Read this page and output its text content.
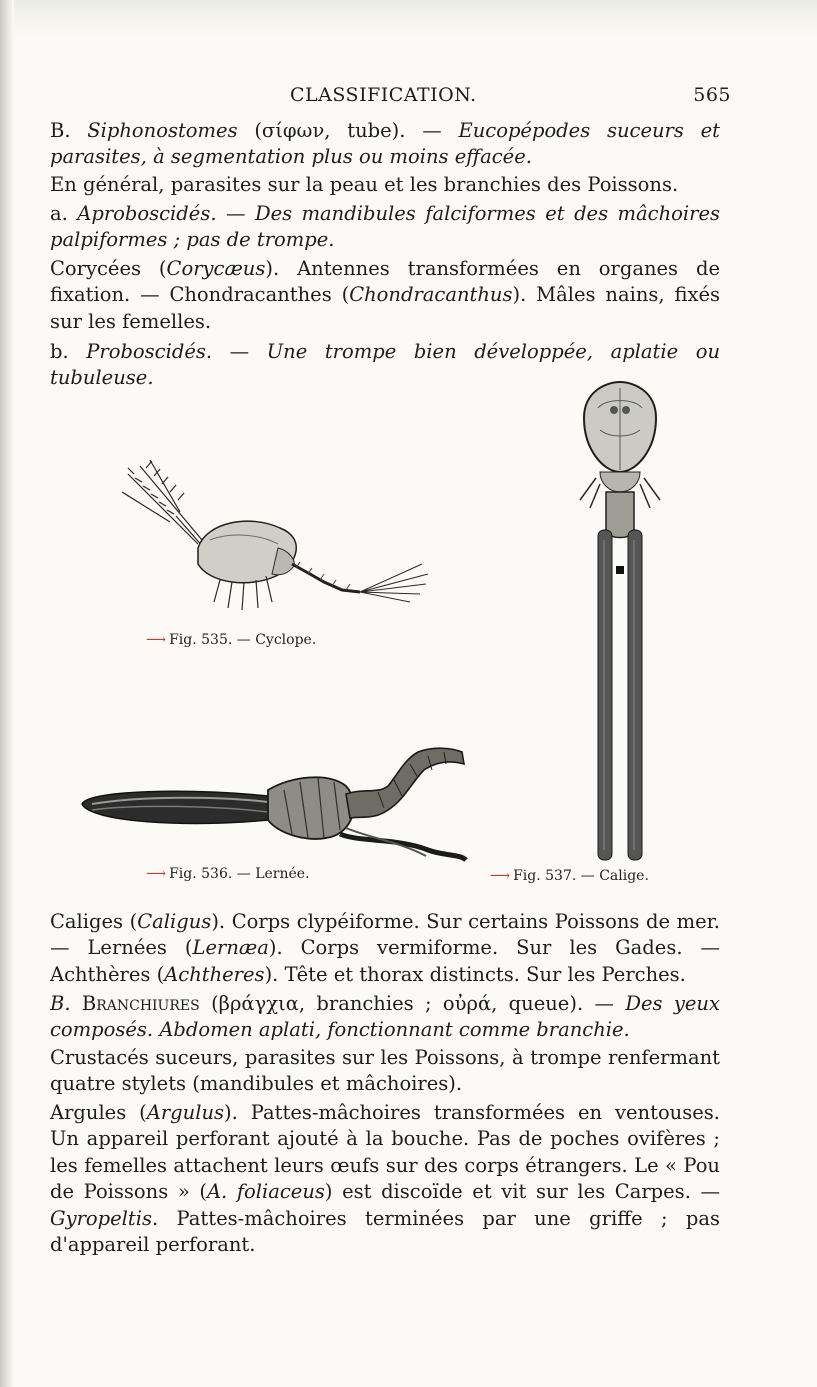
CLASSIFICATION.	565

B. Siphonostomes (σίφων, tube). — Eucopépodes suceurs et parasites, à segmentation plus ou moins effacée.

En général, parasites sur la peau et les branchies des Poissons.

a. Aproboscidés. — Des mandibules falciformes et des mâchoires palpiformes ; pas de trompe.

Corycées (Corycæus). Antennes transformées en organes de fixation. — Chondracanthes (Chondracanthus). Mâles nains, fixés sur les femelles.

b. Proboscidés. — Une trompe bien développée, aplatie ou tubuleuse.

⟶ Fig. 535. — Cyclope.
⟶ Fig. 536. — Lernée.	⟶ Fig. 537. — Calige.

Caliges (Caligus). Corps clypéiforme. Sur certains Poissons de mer. — Lernées (Lernæa). Corps vermiforme. Sur les Gades. — Achthères (Achtheres). Tête et thorax distincts. Sur les Perches.

B. Branchiures (βράγχια, branchies ; οὐρά, queue). — Des yeux composés. Abdomen aplati, fonctionnant comme branchie.

Crustacés suceurs, parasites sur les Poissons, à trompe renfermant quatre stylets (mandibules et mâchoires).

Argules (Argulus). Pattes-mâchoires transformées en ventouses. Un appareil perforant ajouté à la bouche. Pas de poches ovifères ; les femelles attachent leurs œufs sur des corps étrangers. Le « Pou de Poissons » (A. foliaceus) est discoïde et vit sur les Carpes. — Gyropeltis. Pattes-mâchoires terminées par une griffe ; pas d'appareil perforant.
